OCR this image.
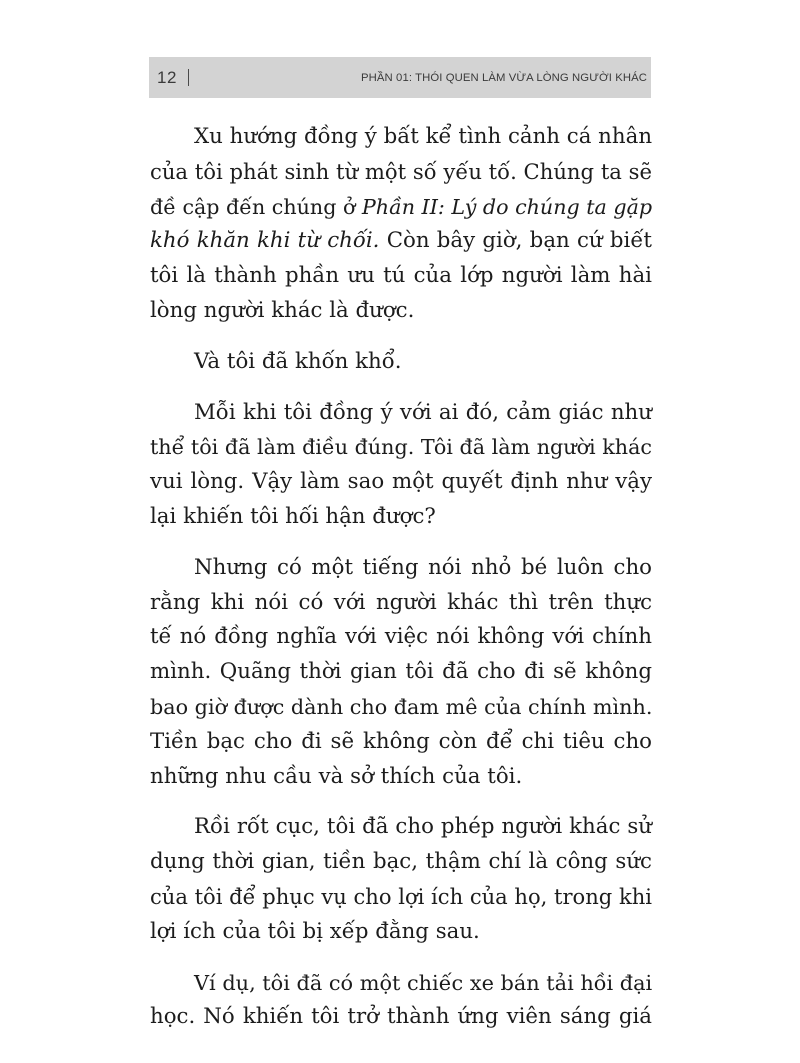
12	PHẦN 01: THÓI QUEN LÀM VỪA LÒNG NGƯỜI KHÁC
Xu hướng đồng ý bất kể tình cảnh cá nhân
của tôi phát sinh từ một số yếu tố. Chúng ta sẽ
đề cập đến chúng ở Phần II: Lý do chúng ta gặp
khó khăn khi từ chối. Còn bây giờ, bạn cứ biết
tôi là thành phần ưu tú của lớp người làm hài
lòng người khác là được.
Và tôi đã khốn khổ.
Mỗi khi tôi đồng ý với ai đó, cảm giác như
thể tôi đã làm điều đúng. Tôi đã làm người khác
vui lòng. Vậy làm sao một quyết định như vậy
lại khiến tôi hối hận được?
Nhưng có một tiếng nói nhỏ bé luôn cho
rằng khi nói có với người khác thì trên thực
tế nó đồng nghĩa với việc nói không với chính
mình. Quãng thời gian tôi đã cho đi sẽ không
bao giờ được dành cho đam mê của chính mình.
Tiền bạc cho đi sẽ không còn để chi tiêu cho
những nhu cầu và sở thích của tôi.
Rồi rốt cục, tôi đã cho phép người khác sử
dụng thời gian, tiền bạc, thậm chí là công sức
của tôi để phục vụ cho lợi ích của họ, trong khi
lợi ích của tôi bị xếp đằng sau.
Ví dụ, tôi đã có một chiếc xe bán tải hồi đại
học. Nó khiến tôi trở thành ứng viên sáng giá
